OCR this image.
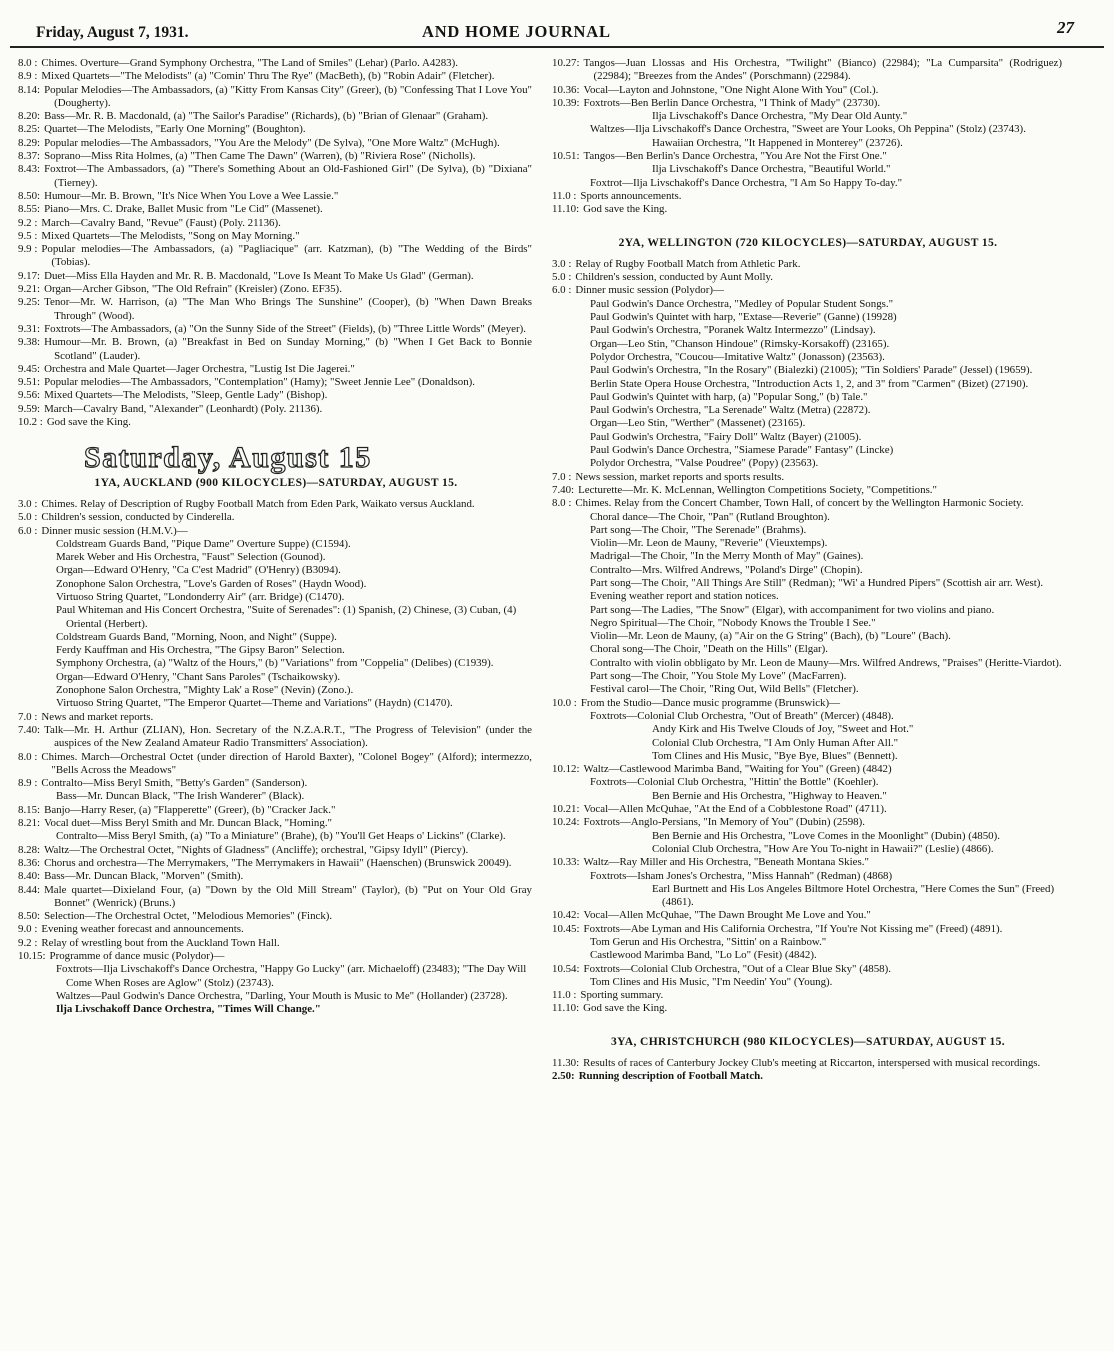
Friday, August 7, 1931.	AND HOME JOURNAL	27
8.0 : Chimes. Overture—Grand Symphony Orchestra, "The Land of Smiles" (Lehar) (Parlo. A4283).
8.9 : Mixed Quartets—"The Melodists" (a) "Comin' Thru The Rye" (MacBeth), (b) "Robin Adair" (Fletcher).
8.14: Popular Melodies—The Ambassadors, (a) "Kitty From Kansas City" (Greer), (b) "Confessing That I Love You" (Dougherty).
8.20: Bass—Mr. R. B. Macdonald, (a) "The Sailor's Paradise" (Richards), (b) "Brian of Glenaar" (Graham).
8.25: Quartet—The Melodists, "Early One Morning" (Boughton).
8.29: Popular melodies—The Ambassadors, "You Are the Melody" (De Sylva), "One More Waltz" (McHugh).
8.37: Soprano—Miss Rita Holmes, (a) "Then Came The Dawn" (Warren), (b) "Riviera Rose" (Nicholls).
8.43: Foxtrot—The Ambassadors, (a) "There's Something About an Old-Fashioned Girl" (De Sylva), (b) "Dixiana" (Tierney).
8.50: Humour—Mr. B. Brown, "It's Nice When You Love a Wee Lassie."
8.55: Piano—Mrs. C. Drake, Ballet Music from "Le Cid" (Massenet).
9.2 : March—Cavalry Band, "Revue" (Faust) (Poly. 21136).
9.5 : Mixed Quartets—The Melodists, "Song on May Morning."
9.9 : Popular melodies—The Ambassadors, (a) "Pagliacique" (arr. Katzman), (b) "The Wedding of the Birds" (Tobias).
9.17: Duet—Miss Ella Hayden and Mr. R. B. Macdonald, "Love Is Meant To Make Us Glad" (German).
9.21: Organ—Archer Gibson, "The Old Refrain" (Kreisler) (Zono. EF35).
9.25: Tenor—Mr. W. Harrison, (a) "The Man Who Brings The Sunshine" (Cooper), (b) "When Dawn Breaks Through" (Wood).
9.31: Foxtrots—The Ambassadors, (a) "On the Sunny Side of the Street" (Fields), (b) "Three Little Words" (Meyer).
9.38: Humour—Mr. B. Brown, (a) "Breakfast in Bed on Sunday Morning," (b) "When I Get Back to Bonnie Scotland" (Lauder).
9.45: Orchestra and Male Quartet—Jager Orchestra, "Lustig Ist Die Jagerei."
9.51: Popular melodies—The Ambassadors, "Contemplation" (Hamy); "Sweet Jennie Lee" (Donaldson).
9.56: Mixed Quartets—The Melodists, "Sleep, Gentle Lady" (Bishop).
9.59: March—Cavalry Band, "Alexander" (Leonhardt) (Poly. 21136).
10.2 : God save the King.
Saturday, August 15
1YA, AUCKLAND (900 KILOCYCLES)—SATURDAY, AUGUST 15.
3.0 : Chimes. Relay of Description of Rugby Football Match from Eden Park, Waikato versus Auckland.
5.0 : Children's session, conducted by Cinderella.
6.0 : Dinner music session (H.M.V.)—
Coldstream Guards Band, "Pique Dame" Overture Suppe) (C1594).
Marek Weber and His Orchestra, "Faust" Selection (Gounod).
Organ—Edward O'Henry, "Ca C'est Madrid" (O'Henry) (B3094).
Zonophone Salon Orchestra, "Love's Garden of Roses" (Haydn Wood).
Virtuoso String Quartet, "Londonderry Air" (arr. Bridge) (C1470).
Paul Whiteman and His Concert Orchestra, "Suite of Serenades": (1) Spanish, (2) Chinese, (3) Cuban, (4) Oriental (Herbert).
Coldstream Guards Band, "Morning, Noon, and Night" (Suppe).
Ferdy Kauffman and His Orchestra, "The Gipsy Baron" Selection.
Symphony Orchestra, (a) "Waltz of the Hours," (b) "Variations" from "Coppelia" (Delibes) (C1939).
Organ—Edward O'Henry, "Chant Sans Paroles" (Tschaikowsky).
Zonophone Salon Orchestra, "Mighty Lak' a Rose" (Nevin) (Zono.).
Virtuoso String Quartet, "The Emperor Quartet—Theme and Variations" (Haydn) (C1470).
7.0 : News and market reports.
7.40: Talk—Mr. H. Arthur (ZLIAN), Hon. Secretary of the N.Z.A.R.T., "The Progress of Television" (under the auspices of the New Zealand Amateur Radio Transmitters' Association).
8.0 : Chimes. March—Orchestral Octet (under direction of Harold Baxter), "Colonel Bogey" (Alford); intermezzo, "Bells Across the Meadows"
8.9 : Contralto—Miss Beryl Smith, "Betty's Garden" (Sanderson).
Bass—Mr. Duncan Black, "The Irish Wanderer" (Black).
8.15: Banjo—Harry Reser, (a) "Flapperette" (Greer), (b) "Cracker Jack."
8.21: Vocal duet—Miss Beryl Smith and Mr. Duncan Black, "Homing."
Contralto—Miss Beryl Smith, (a) "To a Miniature" (Brahe), (b) "You'll Get Heaps o' Lickins" (Clarke).
8.28: Waltz—The Orchestral Octet, "Nights of Gladness" (Ancliffe); orchestral, "Gipsy Idyll" (Piercy).
8.36: Chorus and orchestra—The Merrymakers, "The Merrymakers in Hawaii" (Haenschen) (Brunswick 20049).
8.40: Bass—Mr. Duncan Black, "Morven" (Smith).
8.44: Male quartet—Dixieland Four, (a) "Down by the Old Mill Stream" (Taylor), (b) "Put on Your Old Gray Bonnet" (Wenrick) (Bruns.)
8.50: Selection—The Orchestral Octet, "Melodious Memories" (Finck).
9.0 : Evening weather forecast and announcements.
9.2 : Relay of wrestling bout from the Auckland Town Hall.
10.15: Programme of dance music (Polydor)—
Foxtrots—Ilja Livschakoff's Dance Orchestra, "Happy Go Lucky" (arr. Michaeloff) (23483); "The Day Will Come When Roses are Aglow" (Stolz) (23743).
Waltzes—Paul Godwin's Dance Orchestra, "Darling, Your Mouth is Music to Me" (Hollander) (23728).
Ilja Livschakoff Dance Orchestra, "Times Will Change."
10.27: Tangos—Juan Llossas and His Orchestra, "Twilight" (Bianco) (22984); "La Cumparsita" (Rodriguez) (22984); "Breezes from the Andes" (Porschmann) (22984).
10.36: Vocal—Layton and Johnstone, "One Night Alone With You" (Col.).
10.39: Foxtrots—Ben Berlin Dance Orchestra, "I Think of Mady" (23730).
Ilja Livschakoff's Dance Orchestra, "My Dear Old Aunty."
Waltzes—Ilja Livschakoff's Dance Orchestra, "Sweet are Your Looks, Oh Peppina" (Stolz) (23743).
Hawaiian Orchestra, "It Happened in Monterey" (23726).
10.51: Tangos—Ben Berlin's Dance Orchestra, "You Are Not the First One."
Ilja Livschakoff's Dance Orchestra, "Beautiful World."
Foxtrot—Ilja Livschakoff's Dance Orchestra, "I Am So Happy To-day."
11.0 : Sports announcements.
11.10: God save the King.
2YA, WELLINGTON (720 KILOCYCLES)—SATURDAY, AUGUST 15.
3.0 : Relay of Rugby Football Match from Athletic Park.
5.0 : Children's session, conducted by Aunt Molly.
6.0 : Dinner music session (Polydor)—
Paul Godwin's Dance Orchestra, "Medley of Popular Student Songs."
Paul Godwin's Quintet with harp, "Extase—Reverie" (Ganne) (19928)
Paul Godwin's Orchestra, "Poranek Waltz Intermezzo" (Lindsay).
Organ—Leo Stin, "Chanson Hindoue" (Rimsky-Korsakoff) (23165).
Polydor Orchestra, "Coucou—Imitative Waltz" (Jonasson) (23563).
Paul Godwin's Orchestra, "In the Rosary" (Bialezki) (21005); "Tin Soldiers' Parade" (Jessel) (19659).
Berlin State Opera House Orchestra, "Introduction Acts 1, 2, and 3" from "Carmen" (Bizet) (27190).
Paul Godwin's Quintet with harp, (a) "Popular Song," (b) Tale."
Paul Godwin's Orchestra, "La Serenade" Waltz (Metra) (22872).
Organ—Leo Stin, "Werther" (Massenet) (23165).
Paul Godwin's Orchestra, "Fairy Doll" Waltz (Bayer) (21005).
Paul Godwin's Dance Orchestra, "Siamese Parade" Fantasy" (Lincke)
Polydor Orchestra, "Valse Poudree" (Popy) (23563).
7.0 : News session, market reports and sports results.
7.40: Lecturette—Mr. K. McLennan, Wellington Competitions Society, "Competitions."
8.0 : Chimes. Relay from the Concert Chamber, Town Hall, of concert by the Wellington Harmonic Society.
Choral dance—The Choir, "Pan" (Rutland Broughton).
Part song—The Choir, "The Serenade" (Brahms).
Violin—Mr. Leon de Mauny, "Reverie" (Vieuxtemps).
Madrigal—The Choir, "In the Merry Month of May" (Gaines).
Contralto—Mrs. Wilfred Andrews, "Poland's Dirge" (Chopin).
Part song—The Choir, "All Things Are Still" (Redman); "Wi' a Hundred Pipers" (Scottish air arr. West).
Evening weather report and station notices.
Part song—The Ladies, "The Snow" (Elgar), with accompaniment for two violins and piano.
Negro Spiritual—The Choir, "Nobody Knows the Trouble I See."
Violin—Mr. Leon de Mauny, (a) "Air on the G String" (Bach), (b) "Loure" (Bach).
Choral song—The Choir, "Death on the Hills" (Elgar).
Contralto with violin obbligato by Mr. Leon de Mauny—Mrs. Wilfred Andrews, "Praises" (Heritte-Viardot).
Part song—The Choir, "You Stole My Love" (MacFarren).
Festival carol—The Choir, "Ring Out, Wild Bells" (Fletcher).
10.0 : From the Studio—Dance music programme (Brunswick)—
Foxtrots—Colonial Club Orchestra, "Out of Breath" (Mercer) (4848).
Andy Kirk and His Twelve Clouds of Joy, "Sweet and Hot."
Colonial Club Orchestra, "I Am Only Human After All."
Tom Clines and His Music, "Bye Bye, Blues" (Bennett).
10.12: Waltz—Castlewood Marimba Band, "Waiting for You" (Green) (4842)
Foxtrots—Colonial Club Orchestra, "Hittin' the Bottle" (Koehler).
Ben Bernie and His Orchestra, "Highway to Heaven."
10.21: Vocal—Allen McQuhae, "At the End of a Cobblestone Road" (4711).
10.24: Foxtrots—Anglo-Persians, "In Memory of You" (Dubin) (2598).
Ben Bernie and His Orchestra, "Love Comes in the Moonlight" (Dubin) (4850).
Colonial Club Orchestra, "How Are You To-night in Hawaii?" (Leslie) (4866).
10.33: Waltz—Ray Miller and His Orchestra, "Beneath Montana Skies."
Foxtrots—Isham Jones's Orchestra, "Miss Hannah" (Redman) (4868)
Earl Burtnett and His Los Angeles Biltmore Hotel Orchestra, "Here Comes the Sun" (Freed) (4861).
10.42: Vocal—Allen McQuhae, "The Dawn Brought Me Love and You."
10.45: Foxtrots—Abe Lyman and His California Orchestra, "If You're Not Kissing me" (Freed) (4891).
Tom Gerun and His Orchestra, "Sittin' on a Rainbow."
Castlewood Marimba Band, "Lo Lo" (Fesit) (4842).
10.54: Foxtrots—Colonial Club Orchestra, "Out of a Clear Blue Sky" (4858).
Tom Clines and His Music, "I'm Needin' You" (Young).
11.0 : Sporting summary.
11.10: God save the King.
3YA, CHRISTCHURCH (980 KILOCYCLES)—SATURDAY, AUGUST 15.
11.30: Results of races of Canterbury Jockey Club's meeting at Riccarton, interspersed with musical recordings.
2.50: Running description of Football Match.
